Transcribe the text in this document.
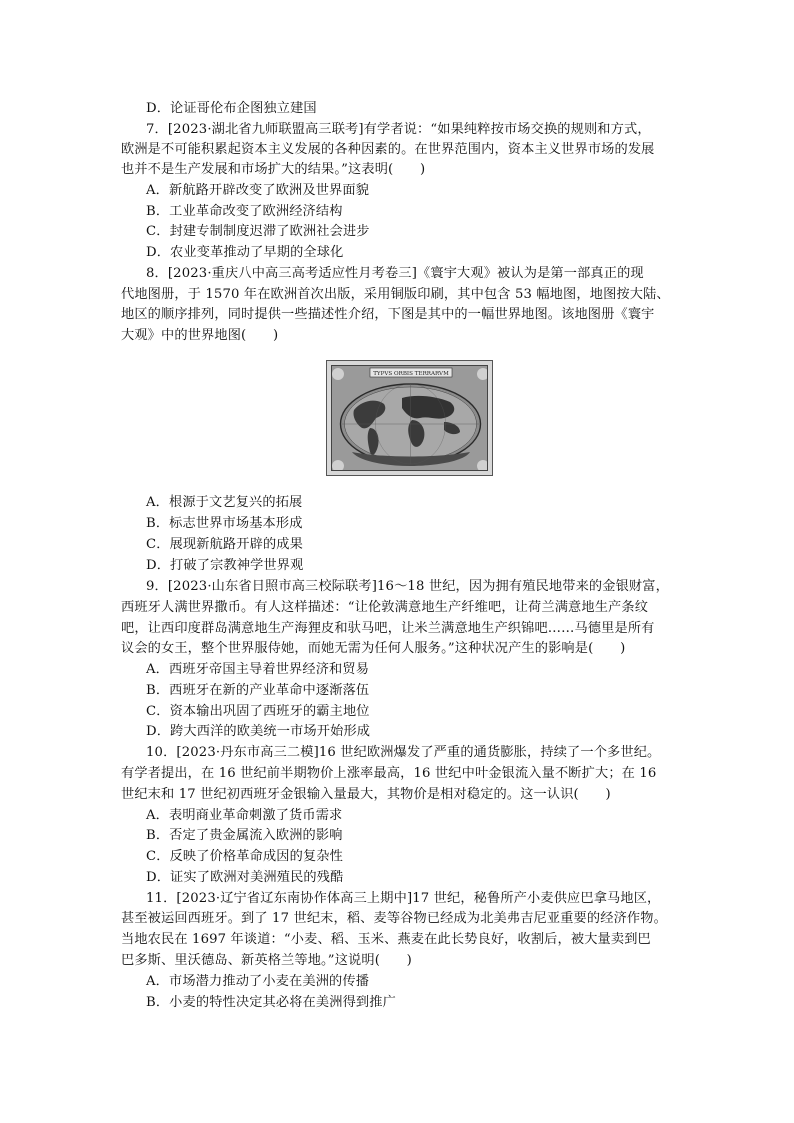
D．论证哥伦布企图独立建国
7．[2023·湖北省九师联盟高三联考]有学者说：“如果纯粹按市场交换的规则和方式，
欧洲是不可能积累起资本主义发展的各种因素的。在世界范围内，资本主义世界市场的发展
也并不是生产发展和市场扩大的结果。”这表明(　　)
A．新航路开辟改变了欧洲及世界面貌
B．工业革命改变了欧洲经济结构
C．封建专制制度迟滞了欧洲社会进步
D．农业变革推动了早期的全球化
8．[2023·重庆八中高三高考适应性月考卷三]《寰宇大观》被认为是第一部真正的现
代地图册，于 1570 年在欧洲首次出版，采用铜版印刷，其中包含 53 幅地图，地图按大陆、
地区的顺序排列，同时提供一些描述性介绍，下图是其中的一幅世界地图。该地图册《寰宇
大观》中的世界地图(　　)
A．根源于文艺复兴的拓展
B．标志世界市场基本形成
C．展现新航路开辟的成果
D．打破了宗教神学世界观
9．[2023·山东省日照市高三校际联考]16～18 世纪，因为拥有殖民地带来的金银财富，
西班牙人满世界撒币。有人这样描述：“让伦敦满意地生产纤维吧，让荷兰满意地生产条纹
吧，让西印度群岛满意地生产海狸皮和驮马吧，让米兰满意地生产织锦吧……马德里是所有
议会的女王，整个世界服侍她，而她无需为任何人服务。”这种状况产生的影响是(　　)
A．西班牙帝国主导着世界经济和贸易
B．西班牙在新的产业革命中逐渐落伍
C．资本输出巩固了西班牙的霸主地位
D．跨大西洋的欧美统一市场开始形成
10．[2023·丹东市高三二模]16 世纪欧洲爆发了严重的通货膨胀，持续了一个多世纪。
有学者提出，在 16 世纪前半期物价上涨率最高，16 世纪中叶金银流入量不断扩大；在 16
世纪末和 17 世纪初西班牙金银输入量最大，其物价是相对稳定的。这一认识(　　)
A．表明商业革命刺激了货币需求
B．否定了贵金属流入欧洲的影响
C．反映了价格革命成因的复杂性
D．证实了欧洲对美洲殖民的残酷
11．[2023·辽宁省辽东南协作体高三上期中]17 世纪，秘鲁所产小麦供应巴拿马地区，
甚至被运回西班牙。到了 17 世纪末，稻、麦等谷物已经成为北美弗吉尼亚重要的经济作物。
当地农民在 1697 年谈道：“小麦、稻、玉米、燕麦在此长势良好，收割后，被大量卖到巴
巴多斯、里沃德岛、新英格兰等地。”这说明(　　)
A．市场潜力推动了小麦在美洲的传播
B．小麦的特性决定其必将在美洲得到推广
TYPVS ORBIS TERRARVM
